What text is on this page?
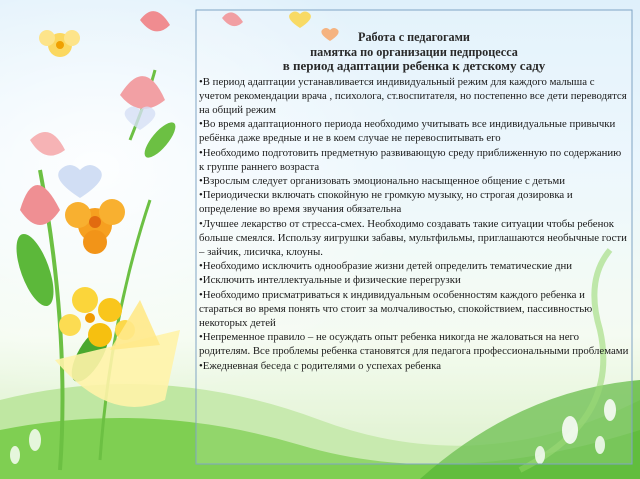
Работа с педагогами
памятка по организации педпроцесса
в период адаптации ребенка к детскому саду
• В период адаптации устанавливается индивидуальный режим для каждого малыша с учетом рекомендации врача , психолога, ст.воспитателя, но постепенно все дети переводятся на общий режим
• Во время адаптационного периода необходимо учитывать все индивидуальные привычки ребёнка даже вредные и не в коем случае не перевоспитывать его
• Необходимо подготовить предметную развивающую среду приближенную по содержанию к группе раннего возраста
• Взрослым следует организовать эмоционально насыщенное общение с детьми
• Периодически включать спокойную не громкую музыку, но строгая дозировка и определение во время звучания обязательна
• Лучшее лекарство от стресса-смех. Необходимо создавать такие ситуации чтобы ребенок больше смеялся. Использу яигрушки забавы, мультфильмы, приглашаются необычные гости – зайчик, лисичка, клоуны.
• Необходимо исключить однообразие жизни детей определить тематические дни
• Исключить интеллектуальные и физические перегрузки
• Необходимо присматриваться к индивидуальным особенностям каждого ребенка и стараться во время понять что стоит за молчаливостью, спокойствием, пассивностью некоторых детей
• Непременное правило – не осуждать опыт ребенка никогда не жаловаться на него родителям. Все проблемы ребенка становятся для педагога профессиональными проблемами
• Ежедневная беседа с родителями о успехах ребенка
